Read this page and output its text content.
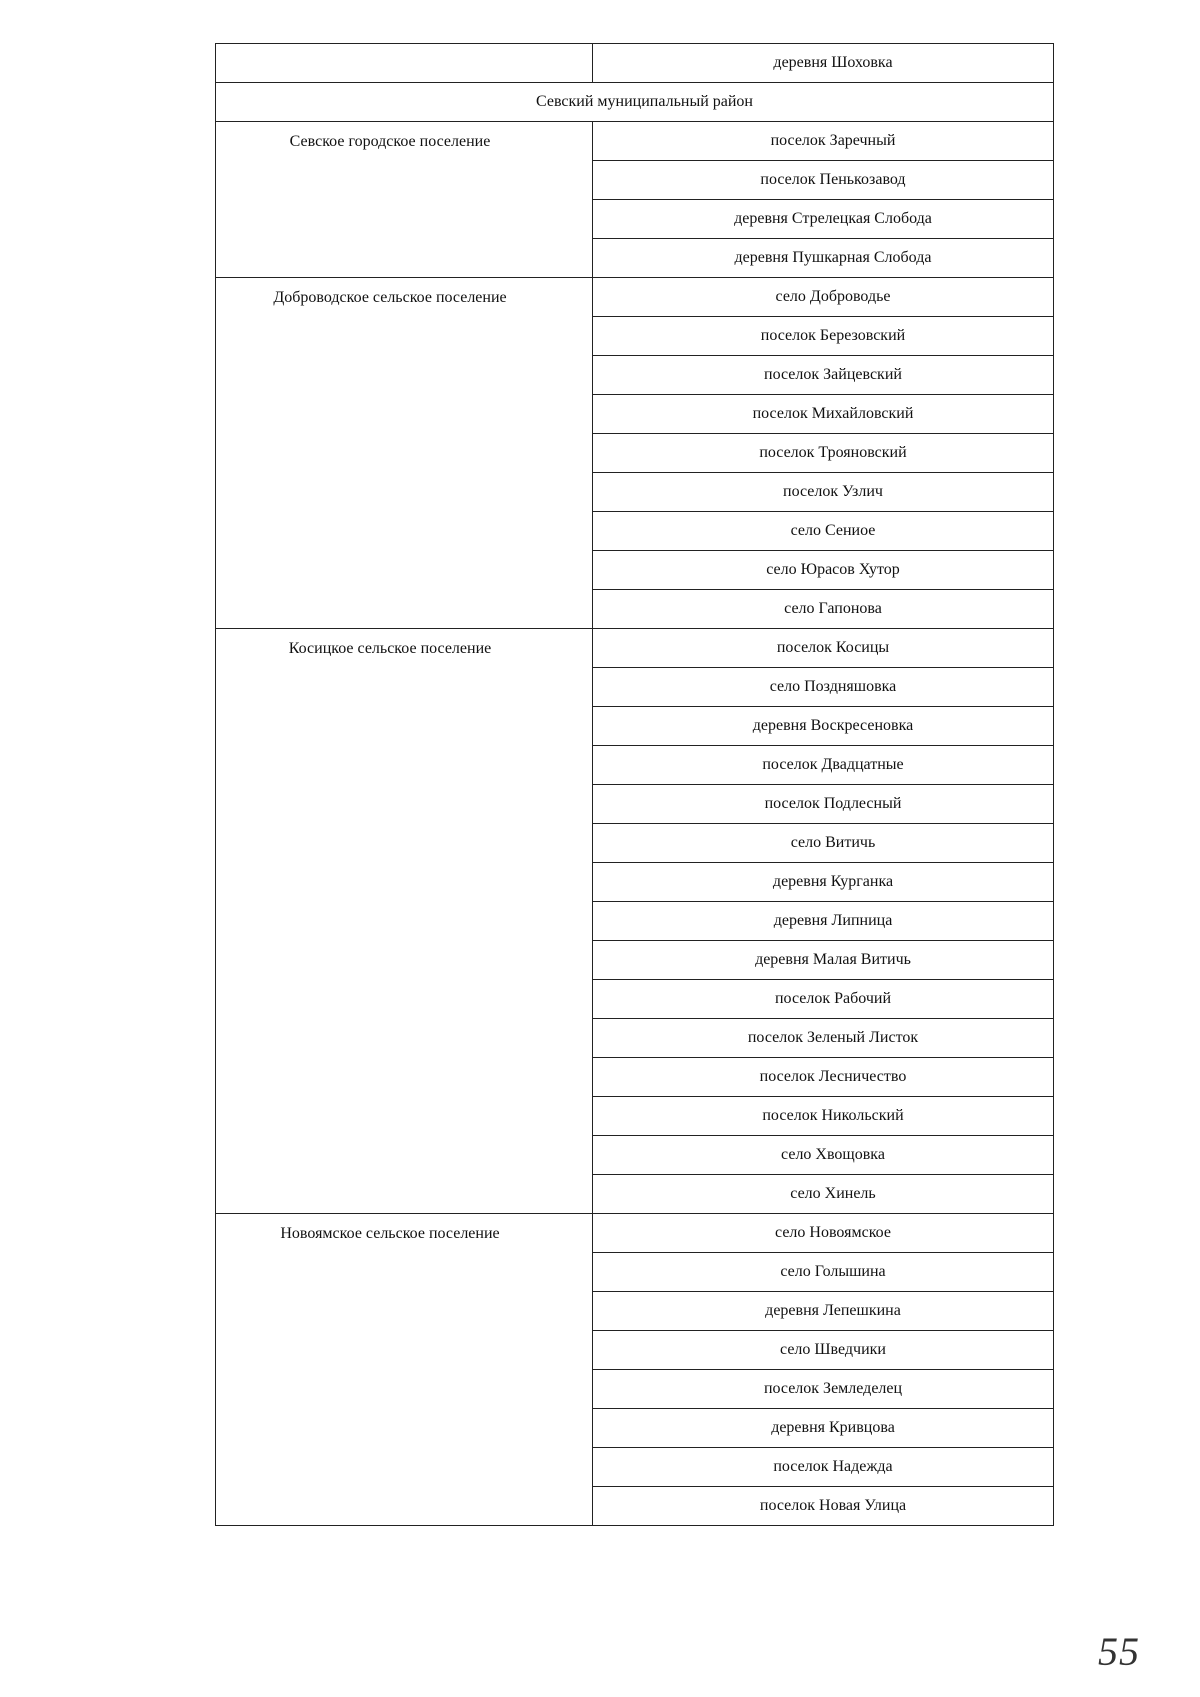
	деревня Шоховка
Севский муниципальный район	
Севское городское поселение	поселок Заречный
	поселок Пенькозавод
	деревня Стрелецкая Слобода
	деревня Пушкарная Слобода
Доброводское сельское поселение	село Доброводье
	поселок Березовский
	поселок Зайцевский
	поселок Михайловский
	поселок Трояновский
	поселок Узлич
	село Сениое
	село Юрасов Хутор
	село Гапонова
Косицкое сельское поселение	поселок Косицы
	село Поздняшовка
	деревня Воскресеновка
	поселок Двадцатные
	поселок Подлесный
	село Витичь
	деревня Курганка
	деревня Липница
	деревня Малая Витичь
	поселок Рабочий
	поселок Зеленый Листок
	поселок Лесничество
	поселок Никольский
	село Хвощовка
	село Хинель
Новоямское сельское поселение	село Новоямское
	село Голышина
	деревня Лепешкина
	село Шведчики
	поселок Земледелец
	деревня Кривцова
	поселок Надежда
	поселок Новая Улица
55
